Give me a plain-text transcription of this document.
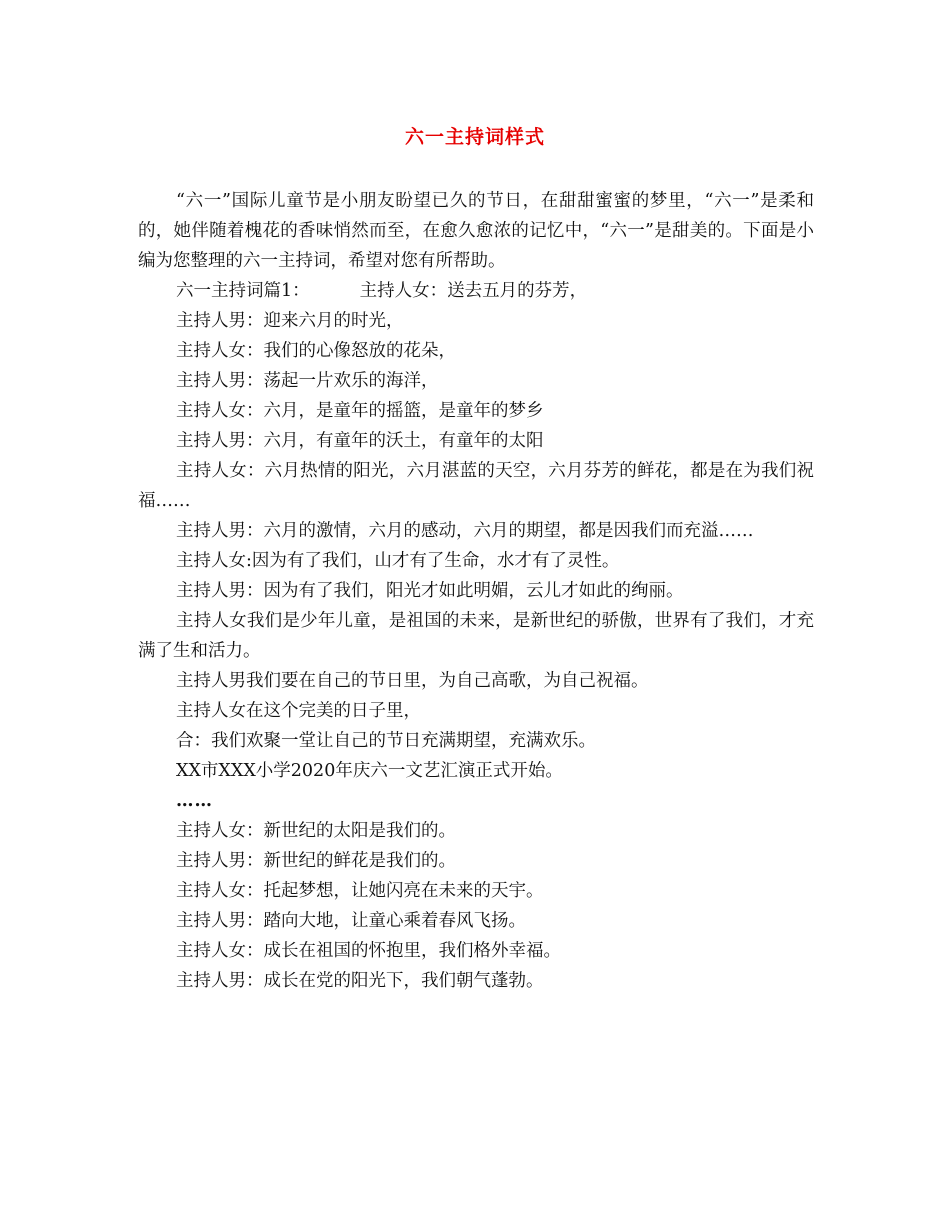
六一主持词样式

“六一”国际儿童节是小朋友盼望已久的节日，在甜甜蜜蜜的梦里，“六一”是柔和的，她伴随着槐花的香味悄然而至，在愈久愈浓的记忆中，“六一”是甜美的。下面是小编为您整理的六一主持词，希望对您有所帮助。

六一主持词篇1：	主持人女：送去五月的芬芳，

主持人男：迎来六月的时光，

主持人女：我们的心像怒放的花朵，

主持人男：荡起一片欢乐的海洋，

主持人女：六月，是童年的摇篮，是童年的梦乡

主持人男：六月，有童年的沃土，有童年的太阳

主持人女：六月热情的阳光，六月湛蓝的天空，六月芬芳的鲜花，都是在为我们祝福……

主持人男：六月的激情，六月的感动，六月的期望，都是因我们而充溢……

主持人女:因为有了我们，山才有了生命，水才有了灵性。

主持人男：因为有了我们，阳光才如此明媚，云儿才如此的绚丽。

主持人女我们是少年儿童，是祖国的未来，是新世纪的骄傲，世界有了我们，才充满了生和活力。

主持人男我们要在自己的节日里，为自己高歌，为自己祝福。

主持人女在这个完美的日子里，

合：我们欢聚一堂让自己的节日充满期望，充满欢乐。

XX市XXX小学2020年庆六一文艺汇演正式开始。

……

主持人女：新世纪的太阳是我们的。

主持人男：新世纪的鲜花是我们的。

主持人女：托起梦想，让她闪亮在未来的天宇。

主持人男：踏向大地，让童心乘着春风飞扬。

主持人女：成长在祖国的怀抱里，我们格外幸福。

主持人男：成长在党的阳光下，我们朝气蓬勃。
